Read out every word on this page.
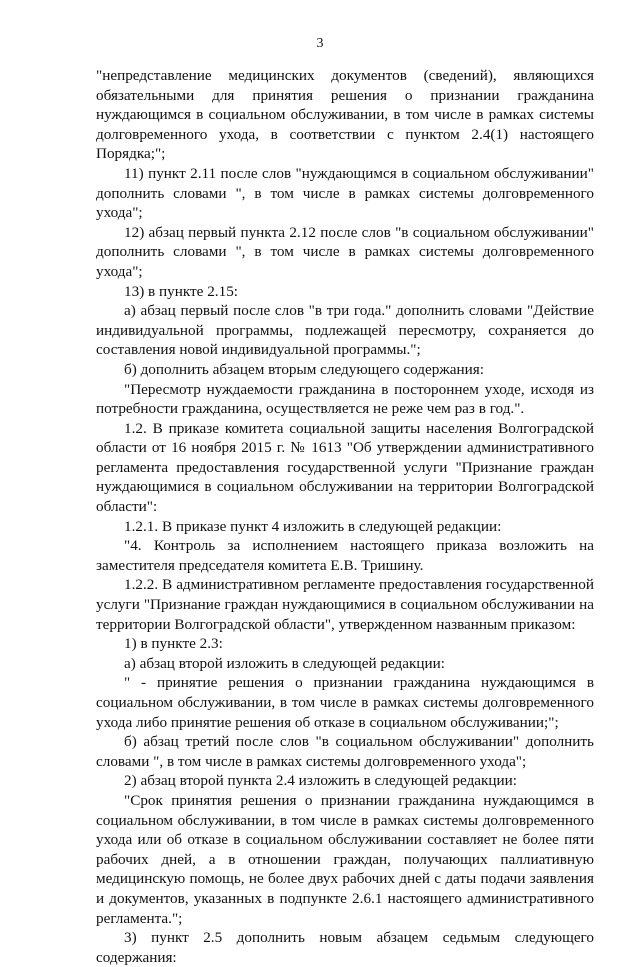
3

"непредставление медицинских документов (сведений), являющихся обязательными для принятия решения о признании гражданина нуждающимся в социальном обслуживании, в том числе в рамках системы долговременного ухода, в соответствии с пунктом 2.4(1) настоящего Порядка;";

11) пункт 2.11 после слов "нуждающимся в социальном обслуживании" дополнить словами ", в том числе в рамках системы долговременного ухода";

12) абзац первый пункта 2.12 после слов "в социальном обслуживании" дополнить словами ", в том числе в рамках системы долговременного ухода";

13) в пункте 2.15:

а) абзац первый после слов "в три года." дополнить словами "Действие индивидуальной программы, подлежащей пересмотру, сохраняется до составления новой индивидуальной программы.";

б) дополнить абзацем вторым следующего содержания:

"Пересмотр нуждаемости гражданина в постороннем уходе, исходя из потребности гражданина, осуществляется не реже чем раз в год.".

1.2. В приказе комитета социальной защиты населения Волгоградской области от 16 ноября 2015 г. № 1613 "Об утверждении административного регламента предоставления государственной услуги "Признание граждан нуждающимися в социальном обслуживании на территории Волгоградской области":

1.2.1. В приказе пункт 4 изложить в следующей редакции:

"4. Контроль за исполнением настоящего приказа возложить на заместителя председателя комитета Е.В. Тришину.

1.2.2. В административном регламенте предоставления государственной услуги "Признание граждан нуждающимися в социальном обслуживании на территории Волгоградской области", утвержденном названным приказом:

1) в пункте 2.3:

а) абзац второй изложить в следующей редакции:

" - принятие решения о признании гражданина нуждающимся в социальном обслуживании, в том числе в рамках системы долговременного ухода либо принятие решения об отказе в социальном обслуживании;";

б) абзац третий после слов "в социальном обслуживании" дополнить словами ", в том числе в рамках системы долговременного ухода";

2) абзац второй пункта 2.4 изложить в следующей редакции:

"Срок принятия решения о признании гражданина нуждающимся в социальном обслуживании, в том числе в рамках системы долговременного ухода или об отказе в социальном обслуживании составляет не более пяти рабочих дней, а в отношении граждан, получающих паллиативную медицинскую помощь, не более двух рабочих дней с даты подачи заявления и документов, указанных в подпункте 2.6.1 настоящего административного регламента.";

3) пункт 2.5 дополнить новым абзацем седьмым следующего содержания:
